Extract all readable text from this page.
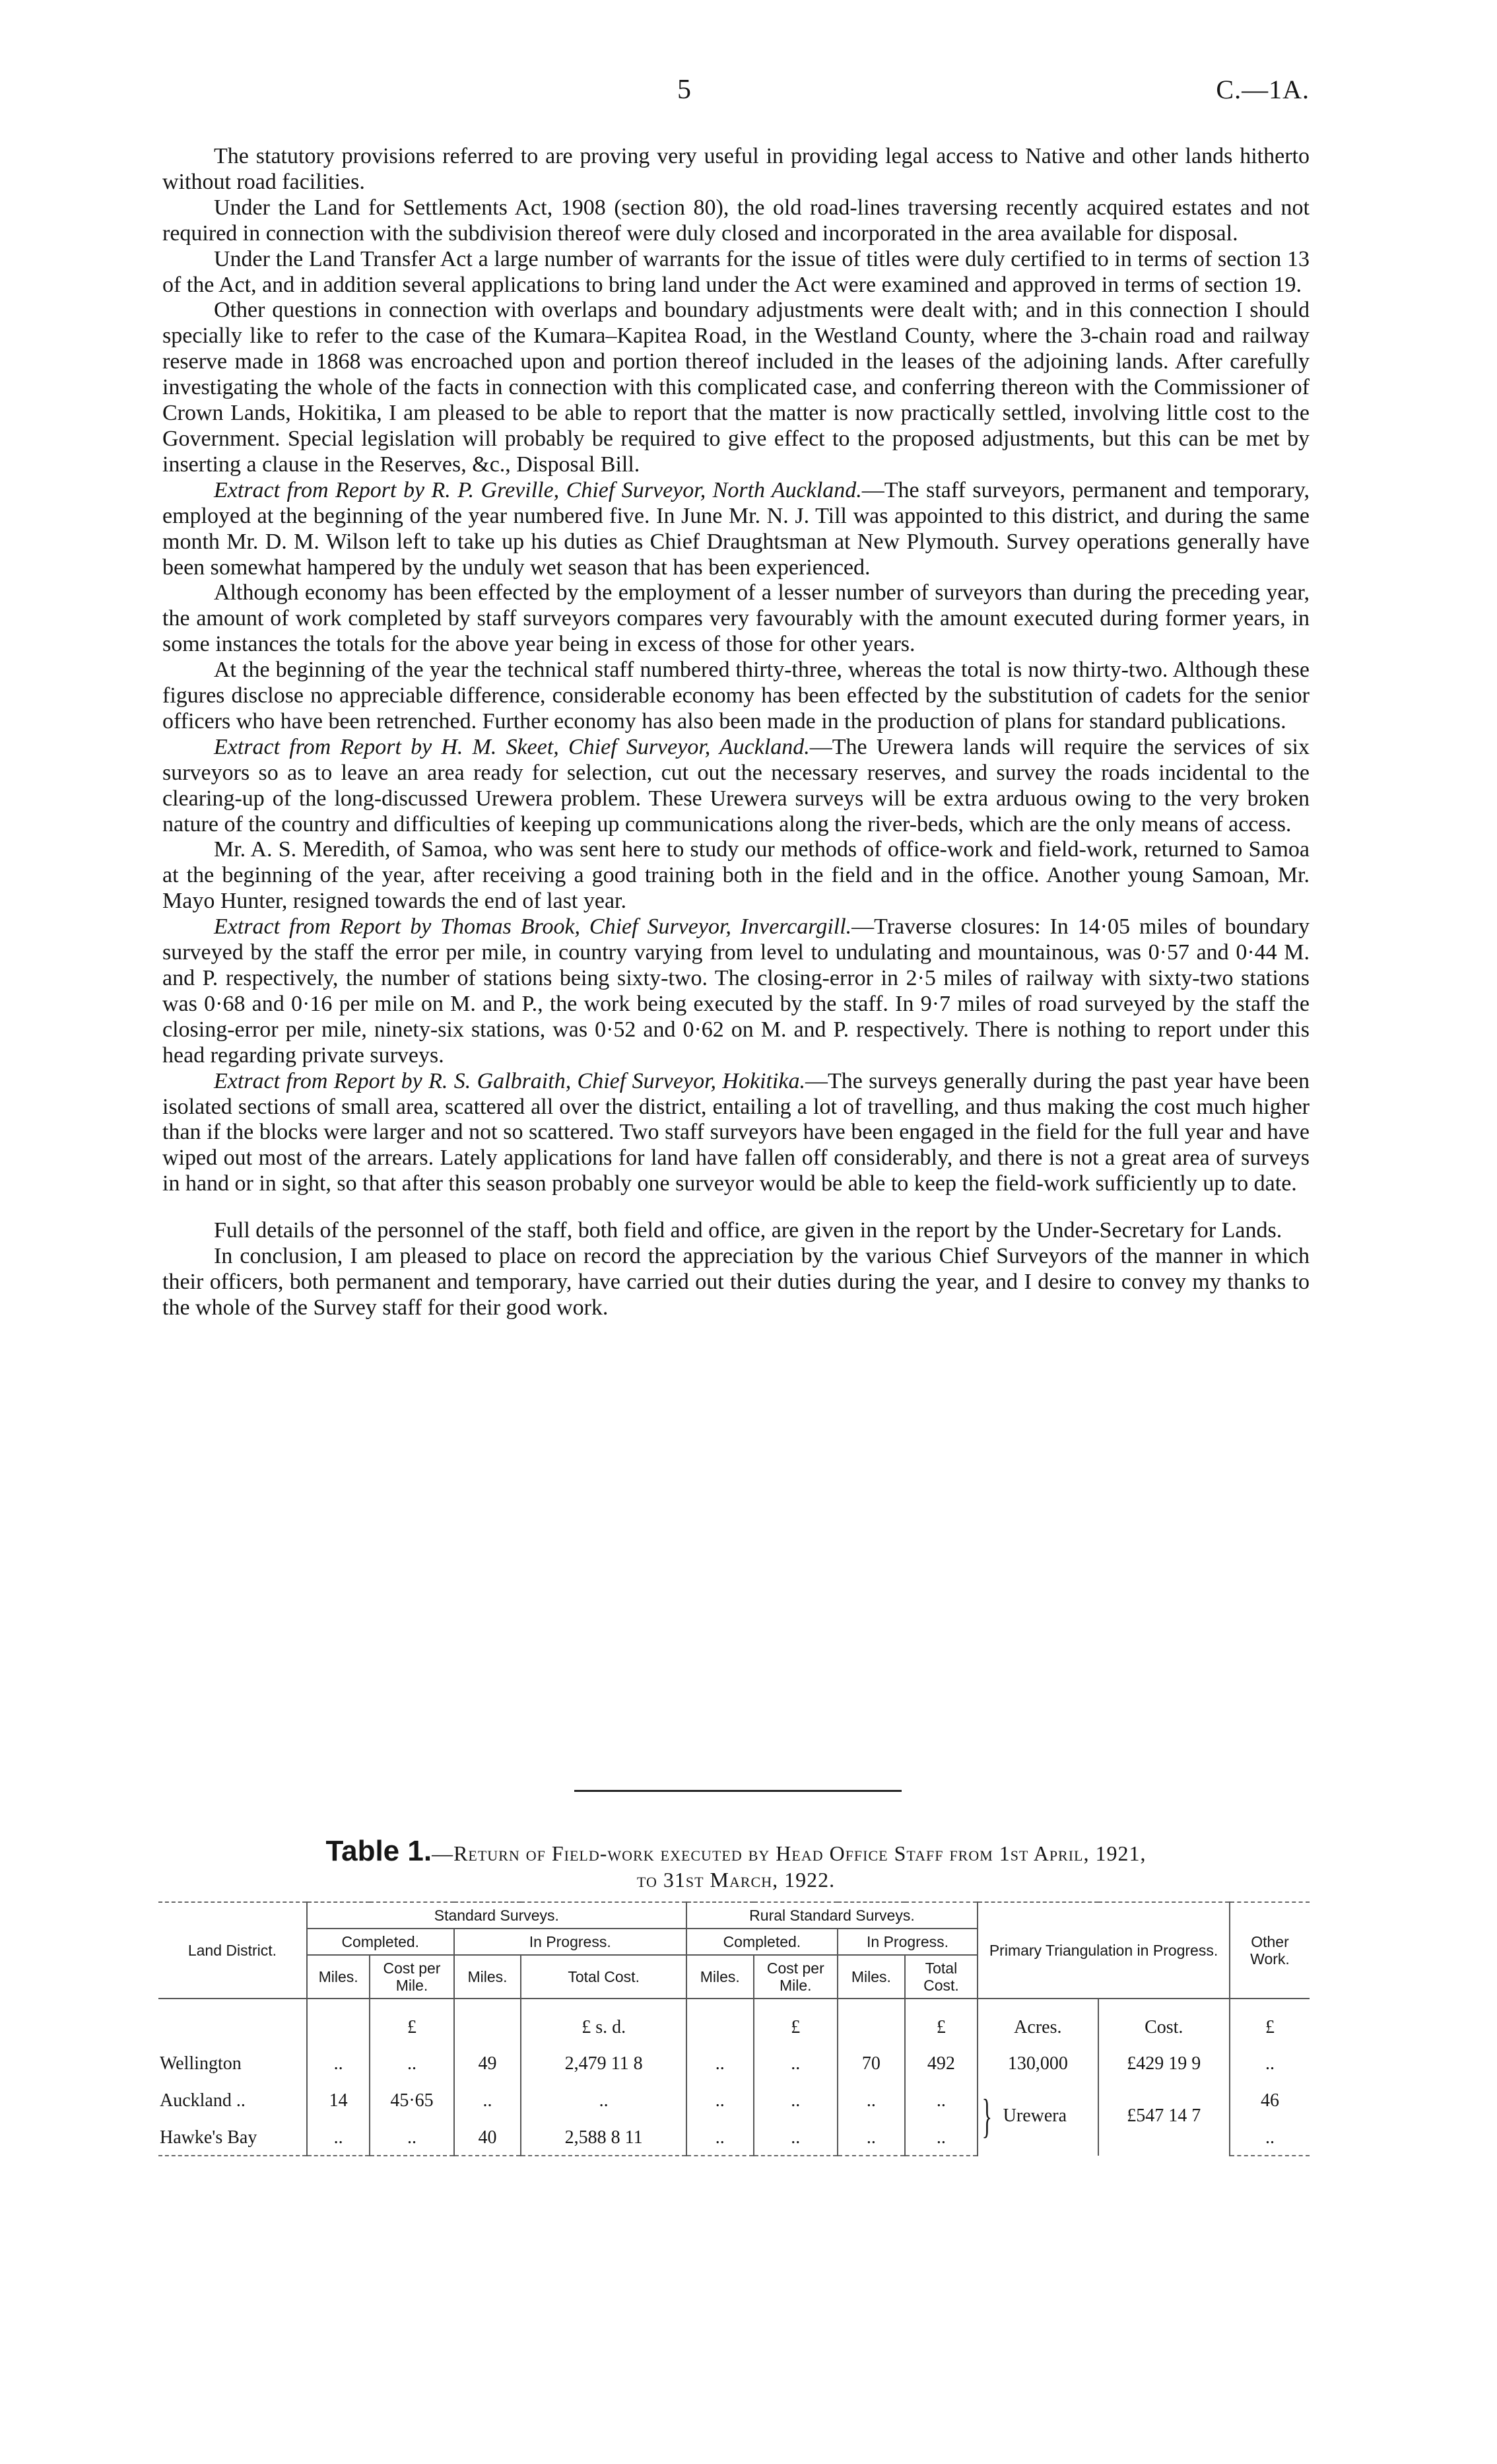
5	C.—1A.

The statutory provisions referred to are proving very useful in providing legal access to Native and other lands hitherto without road facilities.

Under the Land for Settlements Act, 1908 (section 80), the old road-lines traversing recently acquired estates and not required in connection with the subdivision thereof were duly closed and incorporated in the area available for disposal.

Under the Land Transfer Act a large number of warrants for the issue of titles were duly certified to in terms of section 13 of the Act, and in addition several applications to bring land under the Act were examined and approved in terms of section 19.

Other questions in connection with overlaps and boundary adjustments were dealt with; and in this connection I should specially like to refer to the case of the Kumara–Kapitea Road, in the Westland County, where the 3-chain road and railway reserve made in 1868 was encroached upon and portion thereof included in the leases of the adjoining lands. After carefully investigating the whole of the facts in connection with this complicated case, and conferring thereon with the Commissioner of Crown Lands, Hokitika, I am pleased to be able to report that the matter is now practically settled, involving little cost to the Government. Special legislation will probably be required to give effect to the proposed adjustments, but this can be met by inserting a clause in the Reserves, &c., Disposal Bill.

Extract from Report by R. P. Greville, Chief Surveyor, North Auckland.—The staff surveyors, permanent and temporary, employed at the beginning of the year numbered five. In June Mr. N. J. Till was appointed to this district, and during the same month Mr. D. M. Wilson left to take up his duties as Chief Draughtsman at New Plymouth. Survey operations generally have been somewhat hampered by the unduly wet season that has been experienced.

Although economy has been effected by the employment of a lesser number of surveyors than during the preceding year, the amount of work completed by staff surveyors compares very favourably with the amount executed during former years, in some instances the totals for the above year being in excess of those for other years.

At the beginning of the year the technical staff numbered thirty-three, whereas the total is now thirty-two. Although these figures disclose no appreciable difference, considerable economy has been effected by the substitution of cadets for the senior officers who have been retrenched. Further economy has also been made in the production of plans for standard publications.

Extract from Report by H. M. Skeet, Chief Surveyor, Auckland.—The Urewera lands will require the services of six surveyors so as to leave an area ready for selection, cut out the necessary reserves, and survey the roads incidental to the clearing-up of the long-discussed Urewera problem. These Urewera surveys will be extra arduous owing to the very broken nature of the country and difficulties of keeping up communications along the river-beds, which are the only means of access.

Mr. A. S. Meredith, of Samoa, who was sent here to study our methods of office-work and field-work, returned to Samoa at the beginning of the year, after receiving a good training both in the field and in the office. Another young Samoan, Mr. Mayo Hunter, resigned towards the end of last year.

Extract from Report by Thomas Brook, Chief Surveyor, Invercargill.—Traverse closures: In 14·05 miles of boundary surveyed by the staff the error per mile, in country varying from level to undulating and mountainous, was 0·57 and 0·44 M. and P. respectively, the number of stations being sixty-two. The closing-error in 2·5 miles of railway with sixty-two stations was 0·68 and 0·16 per mile on M. and P., the work being executed by the staff. In 9·7 miles of road surveyed by the staff the closing-error per mile, ninety-six stations, was 0·52 and 0·62 on M. and P. respectively. There is nothing to report under this head regarding private surveys.

Extract from Report by R. S. Galbraith, Chief Surveyor, Hokitika.—The surveys generally during the past year have been isolated sections of small area, scattered all over the district, entailing a lot of travelling, and thus making the cost much higher than if the blocks were larger and not so scattered. Two staff surveyors have been engaged in the field for the full year and have wiped out most of the arrears. Lately applications for land have fallen off considerably, and there is not a great area of surveys in hand or in sight, so that after this season probably one surveyor would be able to keep the field-work sufficiently up to date.

Full details of the personnel of the staff, both field and office, are given in the report by the Under-Secretary for Lands.

In conclusion, I am pleased to place on record the appreciation by the various Chief Surveyors of the manner in which their officers, both permanent and temporary, have carried out their duties during the year, and I desire to convey my thanks to the whole of the Survey staff for their good work.

Table 1.—Return of Field-work executed by Head Office Staff from 1st April, 1921,
to 31st March, 1922.
Land District.	Standard Surveys.				Rural Standard Surveys.				Primary Triangulation in Progress.		Other Work.
	Completed.		In Progress.		Completed.		In Progress.				
	Miles.	Cost per Mile.	Miles.	Total Cost.	Miles.	Cost per Mile.	Miles.	Total Cost.			
		£		£ s. d.		£		£	Acres.	Cost.	£
Wellington	..	..	49	2,479 11 8	..	..	70	492	130,000	£429 19 9	..
Auckland ..	14	45·65	..	..	..	..	..	..	} Urewera	£547 14 7	46
Hawke's Bay	..	..	40	2,588 8 11	..	..	..	..			..
